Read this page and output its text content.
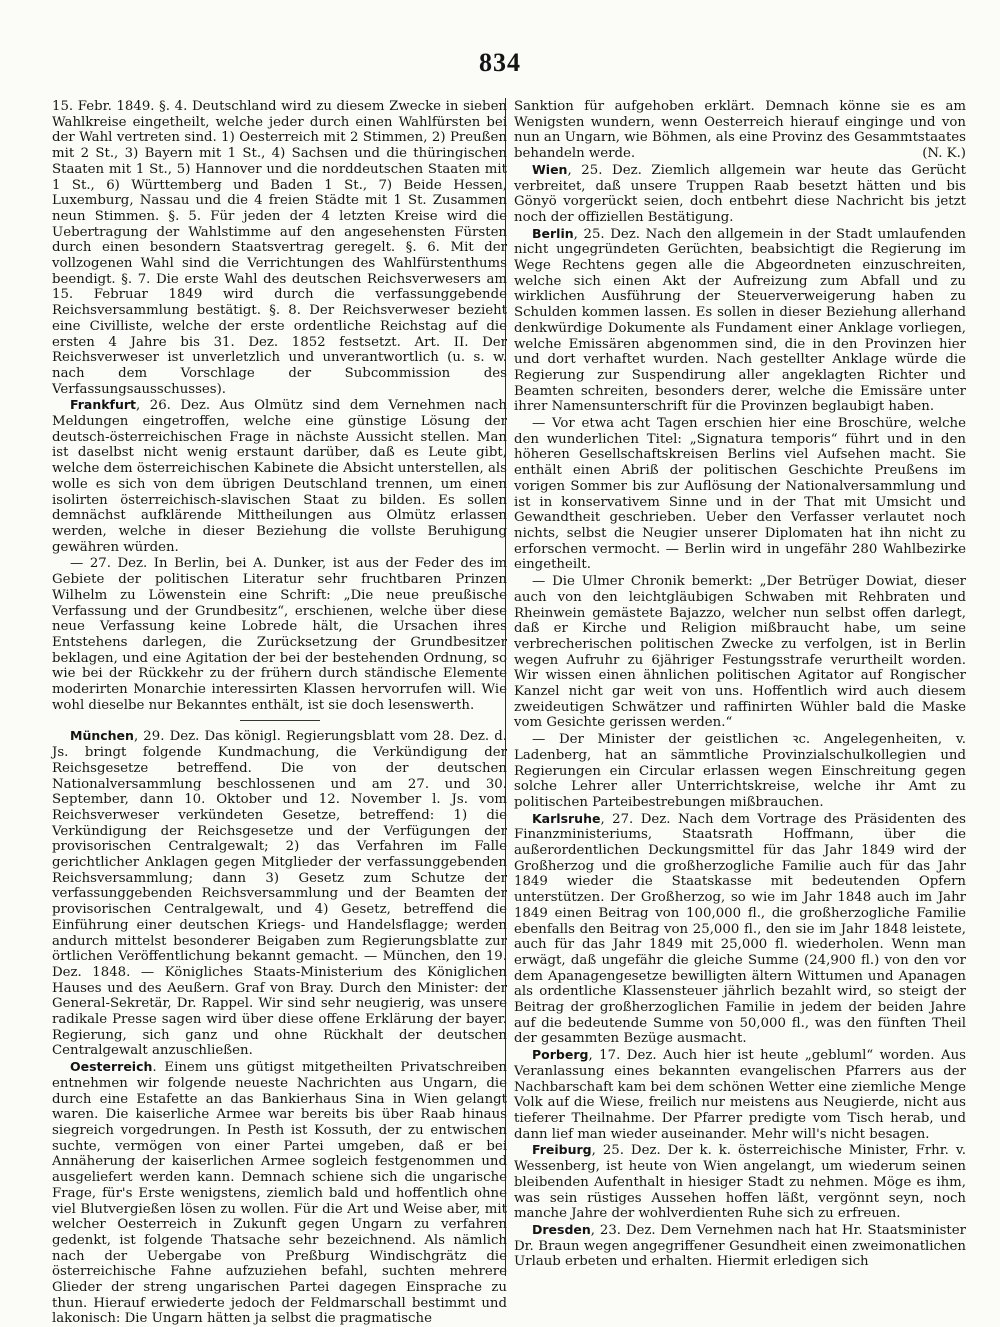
834

15. Febr. 1849. §. 4. Deutschland wird zu diesem Zwecke in sieben Wahlkreise eingetheilt, welche jeder durch einen Wahlfürsten bei der Wahl vertreten sind. 1) Oesterreich mit 2 Stimmen, 2) Preußen mit 2 St., 3) Bayern mit 1 St., 4) Sachsen und die thüringischen Staaten mit 1 St., 5) Hannover und die norddeutschen Staaten mit 1 St., 6) Württemberg und Baden 1 St., 7) Beide Hessen, Luxemburg, Nassau und die 4 freien Städte mit 1 St. Zusammen neun Stimmen. §. 5. Für jeden der 4 letzten Kreise wird die Uebertragung der Wahlstimme auf den angesehensten Fürsten durch einen besondern Staatsvertrag geregelt. §. 6. Mit der vollzogenen Wahl sind die Verrichtungen des Wahlfürstenthums beendigt. §. 7. Die erste Wahl des deutschen Reichsverwesers am 15. Februar 1849 wird durch die verfassunggebende Reichsversammlung bestätigt. §. 8. Der Reichsverweser bezieht eine Civilliste, welche der erste ordentliche Reichstag auf die ersten 4 Jahre bis 31. Dez. 1852 festsetzt. Art. II. Der Reichsverweser ist unverletzlich und unverantwortlich (u. s. w. nach dem Vorschlage der Subcommission des Verfassungsausschusses).

Frankfurt, 26. Dez. Aus Olmütz sind dem Vernehmen nach Meldungen eingetroffen, welche eine günstige Lösung der deutsch-österreichischen Frage in nächste Aussicht stellen. Man ist daselbst nicht wenig erstaunt darüber, daß es Leute gibt, welche dem österreichischen Kabinete die Absicht unterstellen, als wolle es sich von dem übrigen Deutschland trennen, um einen isolirten österreichisch-slavischen Staat zu bilden. Es sollen demnächst aufklärende Mittheilungen aus Olmütz erlassen werden, welche in dieser Beziehung die vollste Beruhigung gewähren würden.

— 27. Dez. In Berlin, bei A. Dunker, ist aus der Feder des im Gebiete der politischen Literatur sehr fruchtbaren Prinzen Wilhelm zu Löwenstein eine Schrift: „Die neue preußische Verfassung und der Grundbesitz“, erschienen, welche über diese neue Verfassung keine Lobrede hält, die Ursachen ihres Entstehens darlegen, die Zurücksetzung der Grundbesitzer beklagen, und eine Agitation der bei der bestehenden Ordnung, so wie bei der Rückkehr zu der frühern durch ständische Elemente moderirten Monarchie interessirten Klassen hervorrufen will. Wie wohl dieselbe nur Bekanntes enthält, ist sie doch lesenswerth.

München, 29. Dez. Das königl. Regierungsblatt vom 28. Dez. d. Js. bringt folgende Kundmachung, die Verkündigung der Reichsgesetze betreffend. Die von der deutschen Nationalversammlung beschlossenen und am 27. und 30. September, dann 10. Oktober und 12. November l. Js. vom Reichsverweser verkündeten Gesetze, betreffend: 1) die Verkündigung der Reichsgesetze und der Verfügungen der provisorischen Centralgewalt; 2) das Verfahren im Falle gerichtlicher Anklagen gegen Mitglieder der verfassunggebenden Reichsversammlung; dann 3) Gesetz zum Schutze der verfassunggebenden Reichsversammlung und der Beamten der provisorischen Centralgewalt, und 4) Gesetz, betreffend die Einführung einer deutschen Kriegs- und Handelsflagge; werden andurch mittelst besonderer Beigaben zum Regierungsblatte zur örtlichen Veröffentlichung bekannt gemacht. — München, den 19. Dez. 1848. — Königliches Staats-Ministerium des Königlichen Hauses und des Aeußern. Graf von Bray. Durch den Minister: der General-Sekretär, Dr. Rappel. Wir sind sehr neugierig, was unsere radikale Presse sagen wird über diese offene Erklärung der bayer. Regierung, sich ganz und ohne Rückhalt der deutschen Centralgewalt anzuschließen.

Oesterreich. Einem uns gütigst mitgetheilten Privatschreiben entnehmen wir folgende neueste Nachrichten aus Ungarn, die durch eine Estafette an das Bankierhaus Sina in Wien gelangt waren. Die kaiserliche Armee war bereits bis über Raab hinaus siegreich vorgedrungen. In Pesth ist Kossuth, der zu entwischen suchte, vermögen von einer Partei umgeben, daß er bei Annäherung der kaiserlichen Armee sogleich festgenommen und ausgeliefert werden kann. Demnach schiene sich die ungarische Frage, für's Erste wenigstens, ziemlich bald und hoffentlich ohne viel Blutvergießen lösen zu wollen. Für die Art und Weise aber, mit welcher Oesterreich in Zukunft gegen Ungarn zu verfahren gedenkt, ist folgende Thatsache sehr bezeichnend. Als nämlich nach der Uebergabe von Preßburg Windischgrätz die österreichische Fahne aufzuziehen befahl, suchten mehrere Glieder der streng ungarischen Partei dagegen Einsprache zu thun. Hierauf erwiederte jedoch der Feldmarschall bestimmt und lakonisch: Die Ungarn hätten ja selbst die pragmatische

Sanktion für aufgehoben erklärt. Demnach könne sie es am Wenigsten wundern, wenn Oesterreich hierauf einginge und von nun an Ungarn, wie Böhmen, als eine Provinz des Gesammtstaates behandeln werde.	(N. K.)

Wien, 25. Dez. Ziemlich allgemein war heute das Gerücht verbreitet, daß unsere Truppen Raab besetzt hätten und bis Gönyö vorgerückt seien, doch entbehrt diese Nachricht bis jetzt noch der offiziellen Bestätigung.

Berlin, 25. Dez. Nach den allgemein in der Stadt umlaufenden nicht ungegründeten Gerüchten, beabsichtigt die Regierung im Wege Rechtens gegen alle die Abgeordneten einzuschreiten, welche sich einen Akt der Aufreizung zum Abfall und zu wirklichen Ausführung der Steuerverweigerung haben zu Schulden kommen lassen. Es sollen in dieser Beziehung allerhand denkwürdige Dokumente als Fundament einer Anklage vorliegen, welche Emissären abgenommen sind, die in den Provinzen hier und dort verhaftet wurden. Nach gestellter Anklage würde die Regierung zur Suspendirung aller angeklagten Richter und Beamten schreiten, besonders derer, welche die Emissäre unter ihrer Namensunterschrift für die Provinzen beglaubigt haben.

— Vor etwa acht Tagen erschien hier eine Broschüre, welche den wunderlichen Titel: „Signatura temporis“ führt und in den höheren Gesellschaftskreisen Berlins viel Aufsehen macht. Sie enthält einen Abriß der politischen Geschichte Preußens im vorigen Sommer bis zur Auflösung der Nationalversammlung und ist in konservativem Sinne und in der That mit Umsicht und Gewandtheit geschrieben. Ueber den Verfasser verlautet noch nichts, selbst die Neugier unserer Diplomaten hat ihn nicht zu erforschen vermocht. — Berlin wird in ungefähr 280 Wahlbezirke eingetheilt.

— Die Ulmer Chronik bemerkt: „Der Betrüger Dowiat, dieser auch von den leichtgläubigen Schwaben mit Rehbraten und Rheinwein gemästete Bajazzo, welcher nun selbst offen darlegt, daß er Kirche und Religion mißbraucht habe, um seine verbrecherischen politischen Zwecke zu verfolgen, ist in Berlin wegen Aufruhr zu 6jähriger Festungsstrafe verurtheilt worden. Wir wissen einen ähnlichen politischen Agitator auf Rongischer Kanzel nicht gar weit von uns. Hoffentlich wird auch diesem zweideutigen Schwätzer und raffinirten Wühler bald die Maske vom Gesichte gerissen werden.“

— Der Minister der geistlichen ꝛc. Angelegenheiten, v. Ladenberg, hat an sämmtliche Provinzialschulkollegien und Regierungen ein Circular erlassen wegen Einschreitung gegen solche Lehrer aller Unterrichtskreise, welche ihr Amt zu politischen Parteibestrebungen mißbrauchen.

Karlsruhe, 27. Dez. Nach dem Vortrage des Präsidenten des Finanzministeriums, Staatsrath Hoffmann, über die außerordentlichen Deckungsmittel für das Jahr 1849 wird der Großherzog und die großherzogliche Familie auch für das Jahr 1849 wieder die Staatskasse mit bedeutenden Opfern unterstützen. Der Großherzog, so wie im Jahr 1848 auch im Jahr 1849 einen Beitrag von 100,000 fl., die großherzogliche Familie ebenfalls den Beitrag von 25,000 fl., den sie im Jahr 1848 leistete, auch für das Jahr 1849 mit 25,000 fl. wiederholen. Wenn man erwägt, daß ungefähr die gleiche Summe (24,900 fl.) von den vor dem Apanagengesetze bewilligten ältern Wittumen und Apanagen als ordentliche Klassensteuer jährlich bezahlt wird, so steigt der Beitrag der großherzoglichen Familie in jedem der beiden Jahre auf die bedeutende Summe von 50,000 fl., was den fünften Theil der gesammten Bezüge ausmacht.

Porberg, 17. Dez. Auch hier ist heute „gebluml“ worden. Aus Veranlassung eines bekannten evangelischen Pfarrers aus der Nachbarschaft kam bei dem schönen Wetter eine ziemliche Menge Volk auf die Wiese, freilich nur meistens aus Neugierde, nicht aus tieferer Theilnahme. Der Pfarrer predigte vom Tisch herab, und dann lief man wieder auseinander. Mehr will's nicht besagen.

Freiburg, 25. Dez. Der k. k. österreichische Minister, Frhr. v. Wessenberg, ist heute von Wien angelangt, um wiederum seinen bleibenden Aufenthalt in hiesiger Stadt zu nehmen. Möge es ihm, was sein rüstiges Aussehen hoffen läßt, vergönnt seyn, noch manche Jahre der wohlverdienten Ruhe sich zu erfreuen.

Dresden, 23. Dez. Dem Vernehmen nach hat Hr. Staatsminister Dr. Braun wegen angegriffener Gesundheit einen zweimonatlichen Urlaub erbeten und erhalten. Hiermit erledigen sich
